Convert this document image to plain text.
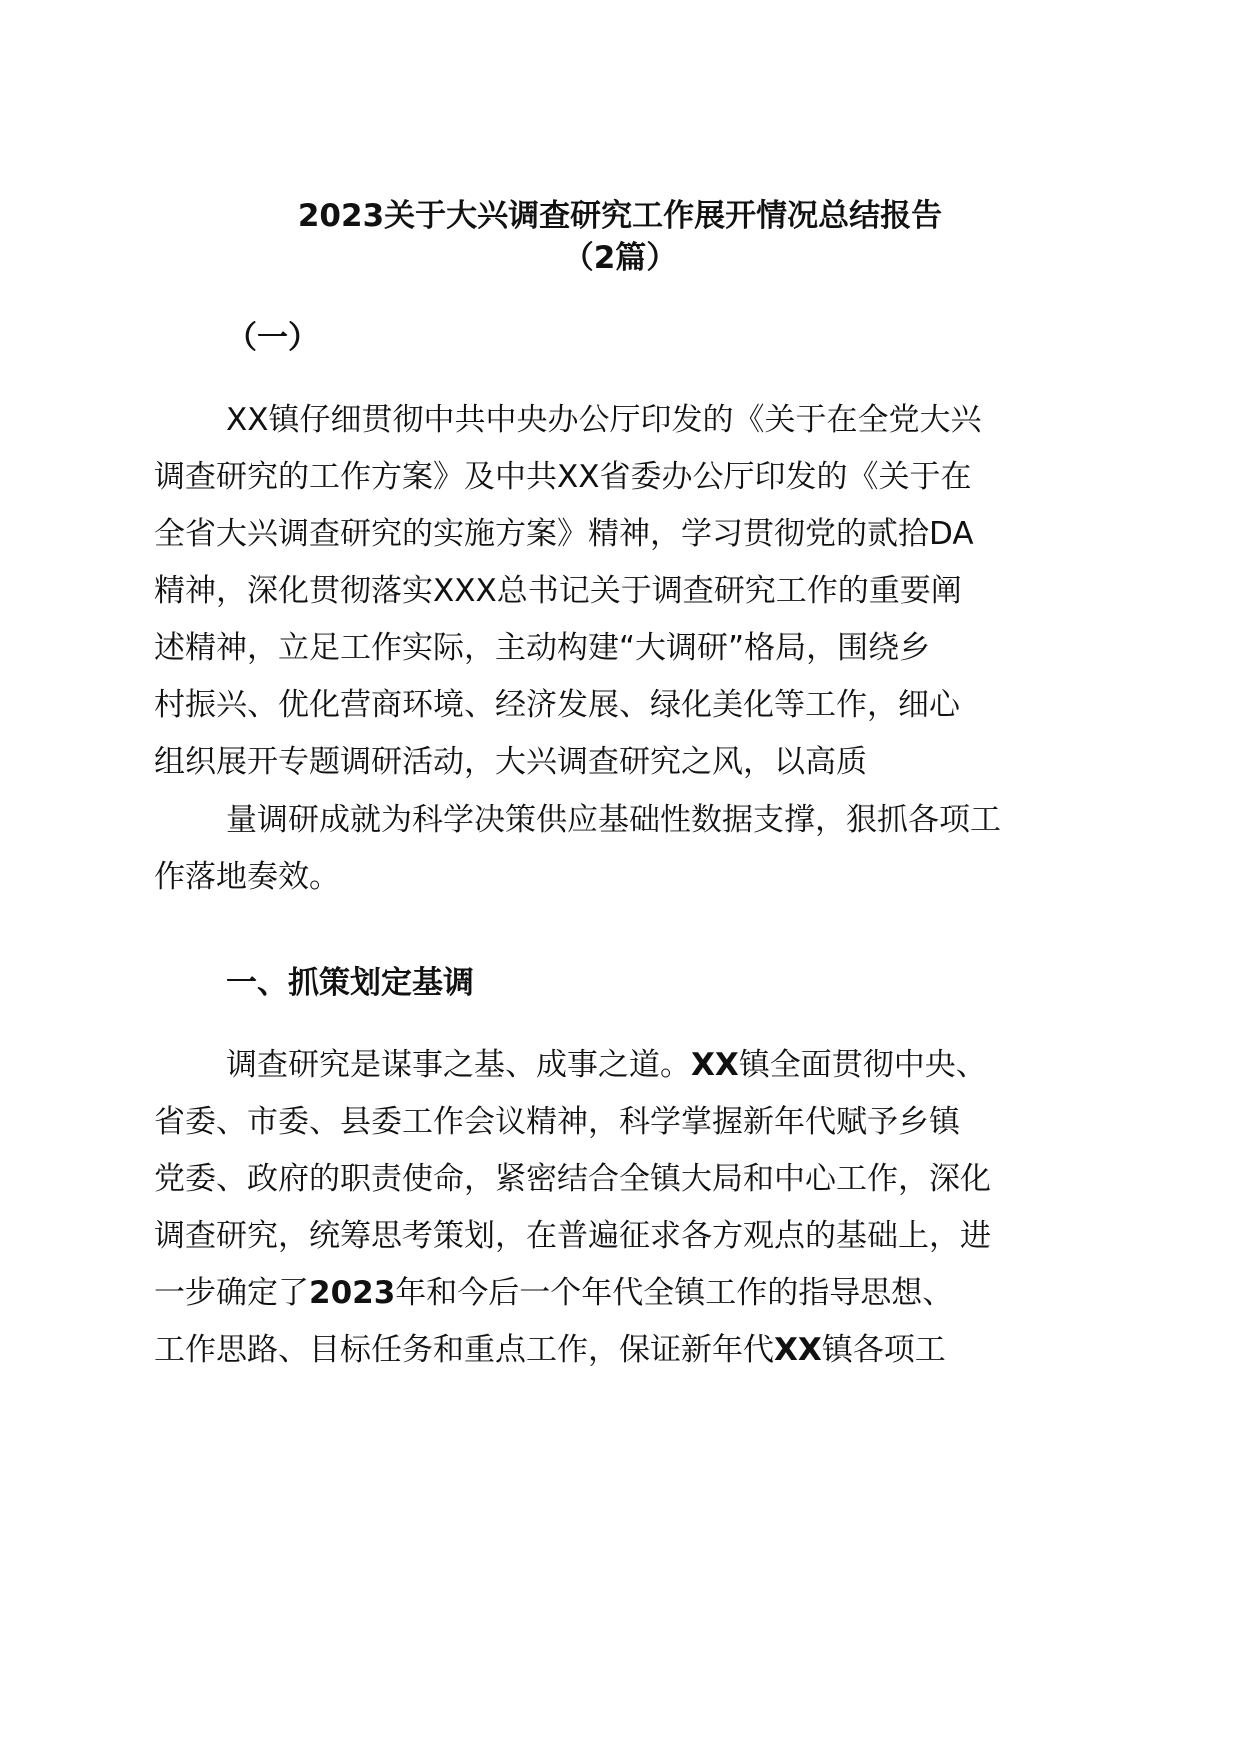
2023关于大兴调查研究工作展开情况总结报告
（2篇）
（一）
XX镇仔细贯彻中共中央办公厅印发的《关于在全党大兴
调查研究的工作方案》及中共XX省委办公厅印发的《关于在
全省大兴调查研究的实施方案》精神，学习贯彻党的贰拾DA
精神，深化贯彻落实XXX总书记关于调查研究工作的重要阐
述精神，立足工作实际，主动构建“大调研”格局，围绕乡
村振兴、优化营商环境、经济发展、绿化美化等工作，细心
组织展开专题调研活动，大兴调查研究之风，以高质
量调研成就为科学决策供应基础性数据支撑，狠抓各项工
作落地奏效。
一、抓策划定基调
调查研究是谋事之基、成事之道。XX镇全面贯彻中央、
省委、市委、县委工作会议精神，科学掌握新年代赋予乡镇
党委、政府的职责使命，紧密结合全镇大局和中心工作，深化
调查研究，统筹思考策划，在普遍征求各方观点的基础上，进
一步确定了2023年和今后一个年代全镇工作的指导思想、
工作思路、目标任务和重点工作，保证新年代XX镇各项工
